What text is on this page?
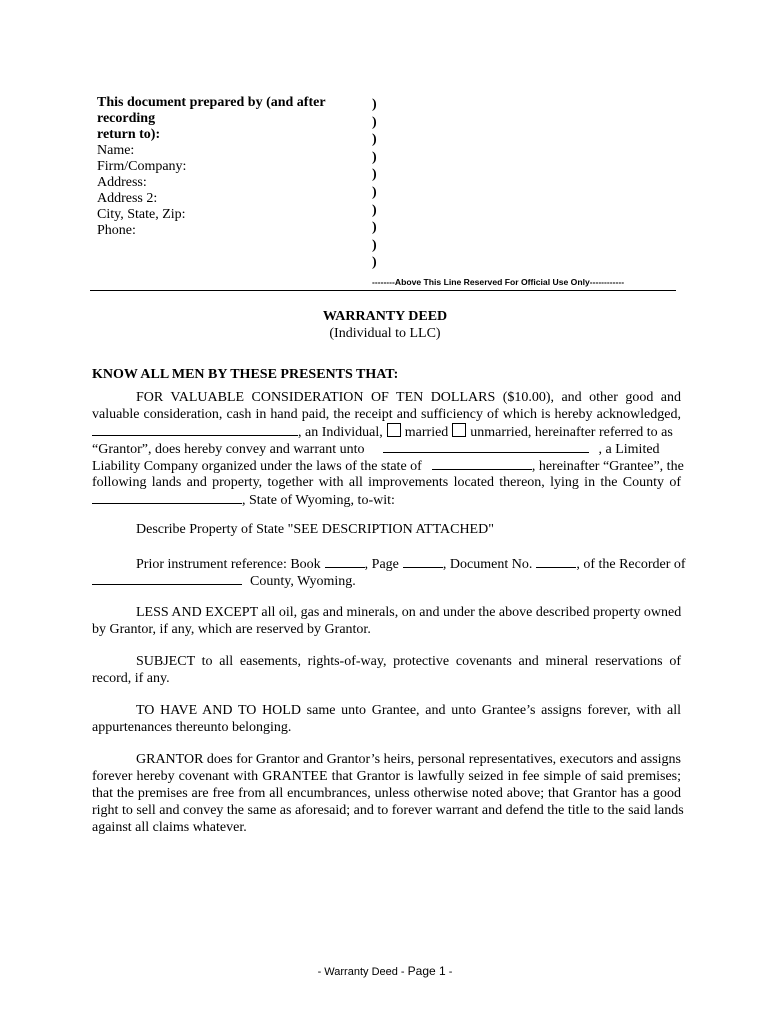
This document prepared by (and after recording
return to):
Name:
Firm/Company:
Address:
Address 2:
City, State, Zip:
Phone:
)
)
)
)
)
)
)
)
)
)
--------Above This Line Reserved For Official Use Only------------
WARRANTY DEED
(Individual to LLC)
KNOW ALL MEN BY THESE PRESENTS THAT:
FOR VALUABLE CONSIDERATION OF TEN DOLLARS ($10.00), and other good and
valuable consideration, cash in hand paid, the receipt and sufficiency of which is hereby acknowledged,
, an Individual, married unmarried, hereinafter referred to as
“Grantor”, does hereby convey and warrant unto	, a Limited
Liability Company organized under the laws of the state of	, hereinafter “Grantee”, the
following lands and property, together with all improvements located thereon, lying in the County of
, State of Wyoming, to-wit:
Describe Property of State "SEE DESCRIPTION ATTACHED"
Prior instrument reference: Book	, Page	, Document No.	, of the Recorder of
County, Wyoming.
LESS AND EXCEPT all oil, gas and minerals, on and under the above described property owned
by Grantor, if any, which are reserved by Grantor.
SUBJECT to all easements, rights-of-way, protective covenants and mineral reservations of
record, if any.
TO HAVE AND TO HOLD same unto Grantee, and unto Grantee’s assigns forever, with all
appurtenances thereunto belonging.
GRANTOR does for Grantor and Grantor’s heirs, personal representatives, executors and assigns
forever hereby covenant with GRANTEE that Grantor is lawfully seized in fee simple of said premises;
that the premises are free from all encumbrances, unless otherwise noted above; that Grantor has a good
right to sell and convey the same as aforesaid; and to forever warrant and defend the title to the said lands
against all claims whatever.
- Warranty Deed - Page 1 -
